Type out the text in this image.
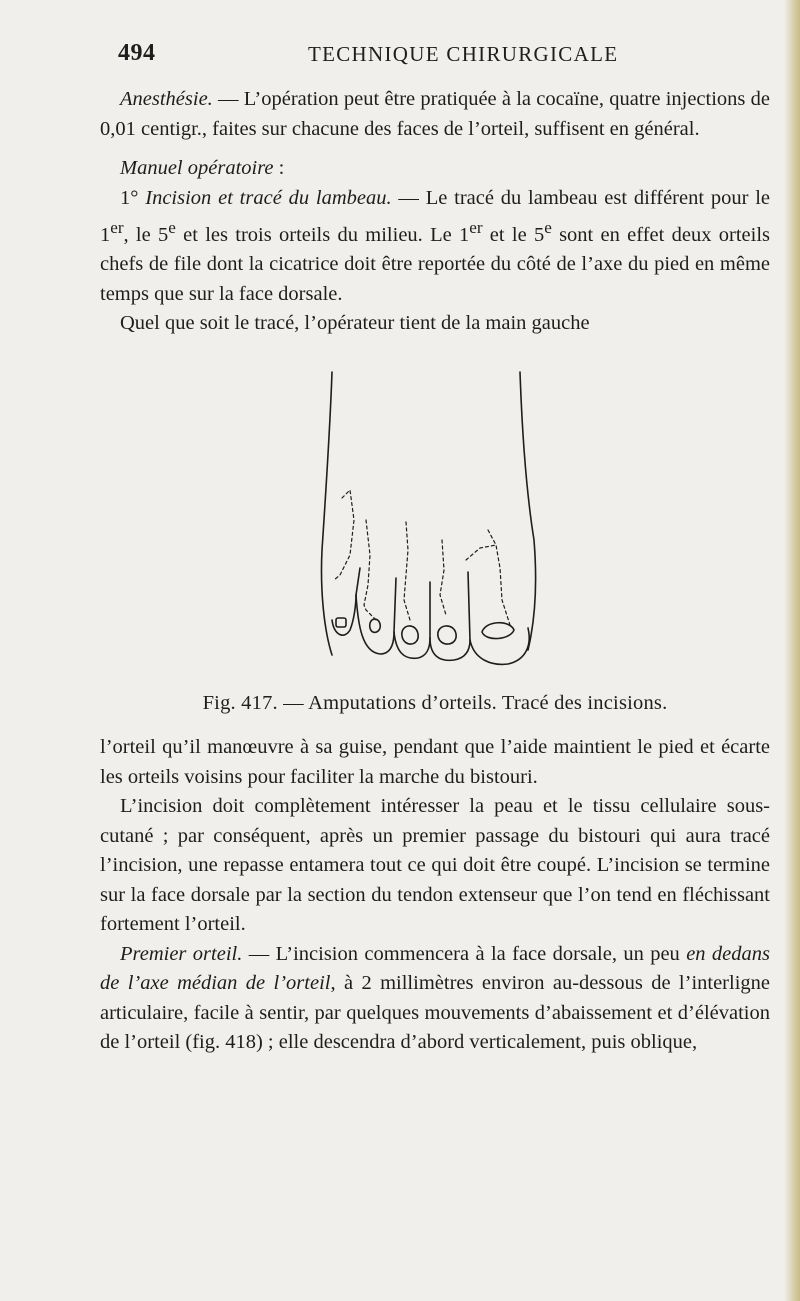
494	TECHNIQUE CHIRURGICALE

Anesthésie. — L’opération peut être pratiquée à la cocaïne, quatre injections de 0,01 centigr., faites sur chacune des faces de l’orteil, suffisent en général.

Manuel opératoire :

1° Incision et tracé du lambeau. — Le tracé du lambeau est différent pour le 1er, le 5e et les trois orteils du milieu. Le 1er et le 5e sont en effet deux orteils chefs de file dont la cicatrice doit être reportée du côté de l’axe du pied en même temps que sur la face dorsale.

Quel que soit le tracé, l’opérateur tient de la main gauche

Fig. 417. — Amputations d’orteils. Tracé des incisions.

l’orteil qu’il manœuvre à sa guise, pendant que l’aide maintient le pied et écarte les orteils voisins pour faciliter la marche du bistouri.

L’incision doit complètement intéresser la peau et le tissu cellulaire sous-cutané ; par conséquent, après un premier passage du bistouri qui aura tracé l’incision, une repasse entamera tout ce qui doit être coupé. L’incision se termine sur la face dorsale par la section du tendon extenseur que l’on tend en fléchissant fortement l’orteil.

Premier orteil. — L’incision commencera à la face dorsale, un peu en dedans de l’axe médian de l’orteil, à 2 millimètres environ au-dessous de l’interligne articulaire, facile à sentir, par quelques mouvements d’abaissement et d’élévation de l’orteil (fig. 418) ; elle descendra d’abord verticalement, puis oblique,
